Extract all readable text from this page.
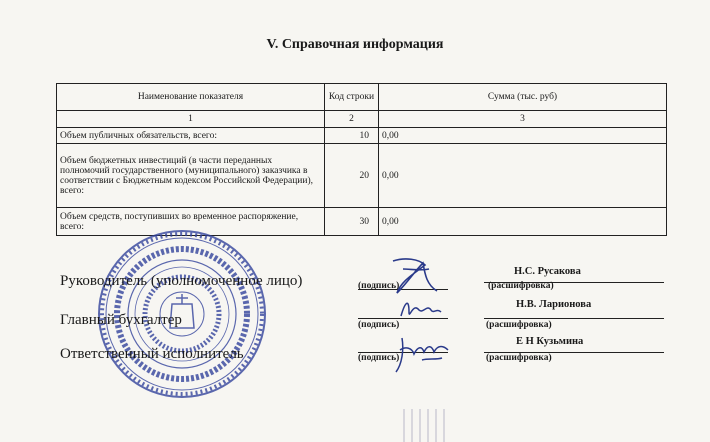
V. Справочная информация
Наименование показателя	Код строки	Сумма (тыс. руб)
1	2	3
Объем публичных обязательств, всего:	10	0,00
Объем бюджетных инвестиций (в части переданных полномочий государственного (муниципального) заказчика в соответствии с Бюджетным кодексом Российской Федерации), всего:	20	0,00
Объем средств, поступивших во временное распоряжение, всего:	30	0,00
Руководитель (уполномоченное лицо)
Н.С. Русакова
(подпись)	(расшифровка)
Главный бухгалтер
Н.В. Ларионова
(подпись)	(расшифровка)
Ответственный исполнитель
Е Н Кузьмина
(подпись)	(расшифровка)
